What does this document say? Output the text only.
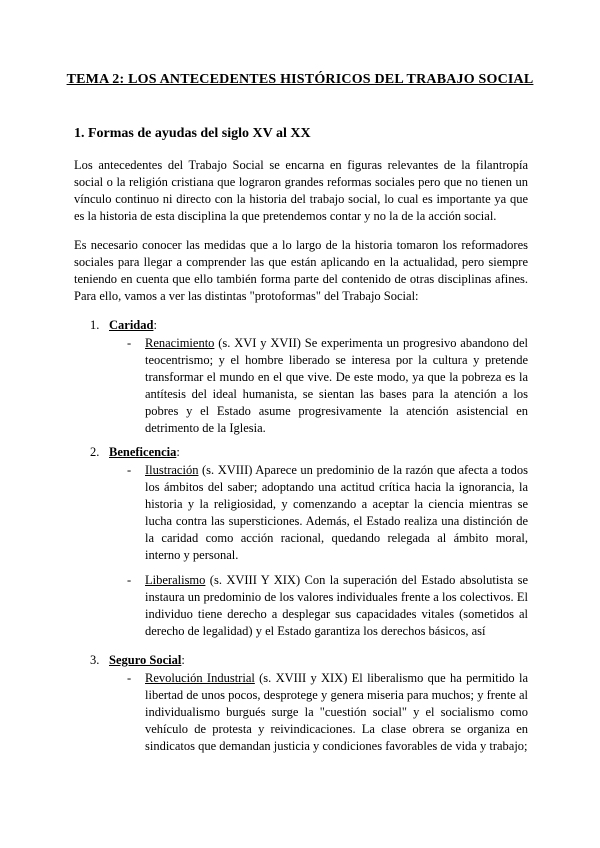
TEMA 2: LOS ANTECEDENTES HISTÓRICOS DEL TRABAJO SOCIAL
1. Formas de ayudas del siglo XV al XX

Los antecedentes del Trabajo Social se encarna en figuras relevantes de la filantropía social o la religión cristiana que lograron grandes reformas sociales pero que no tienen un vínculo continuo ni directo con la historia del trabajo social, lo cual es importante ya que es la historia de esta disciplina la que pretendemos contar y no la de la acción social.

Es necesario conocer las medidas que a lo largo de la historia tomaron los reformadores sociales para llegar a comprender las que están aplicando en la actualidad, pero siempre teniendo en cuenta que ello también forma parte del contenido de otras disciplinas afines. Para ello, vamos a ver las distintas "protoformas" del Trabajo Social:

1. Caridad:
- Renacimiento (s. XVI y XVII) Se experimenta un progresivo abandono del teocentrismo; y el hombre liberado se interesa por la cultura y pretende transformar el mundo en el que vive. De este modo, ya que la pobreza es la antítesis del ideal humanista, se sientan las bases para la atención a los pobres y el Estado asume progresivamente la atención asistencial en detrimento de la Iglesia.
2. Beneficencia:
- Ilustración (s. XVIII) Aparece un predominio de la razón que afecta a todos los ámbitos del saber; adoptando una actitud crítica hacia la ignorancia, la historia y la religiosidad, y comenzando a aceptar la ciencia mientras se lucha contra las supersticiones. Además, el Estado realiza una distinción de la caridad como acción racional, quedando relegada al ámbito moral, interno y personal.
- Liberalismo (s. XVIII Y XIX) Con la superación del Estado absolutista se instaura un predominio de los valores individuales frente a los colectivos. El individuo tiene derecho a desplegar sus capacidades vitales (sometidos al derecho de legalidad) y el Estado garantiza los derechos básicos, así
3. Seguro Social:
- Revolución Industrial (s. XVIII y XIX) El liberalismo que ha permitido la libertad de unos pocos, desprotege y genera miseria para muchos; y frente al individualismo burgués surge la "cuestión social" y el socialismo como vehículo de protesta y reivindicaciones. La clase obrera se organiza en sindicatos que demandan justicia y condiciones favorables de vida y trabajo;
